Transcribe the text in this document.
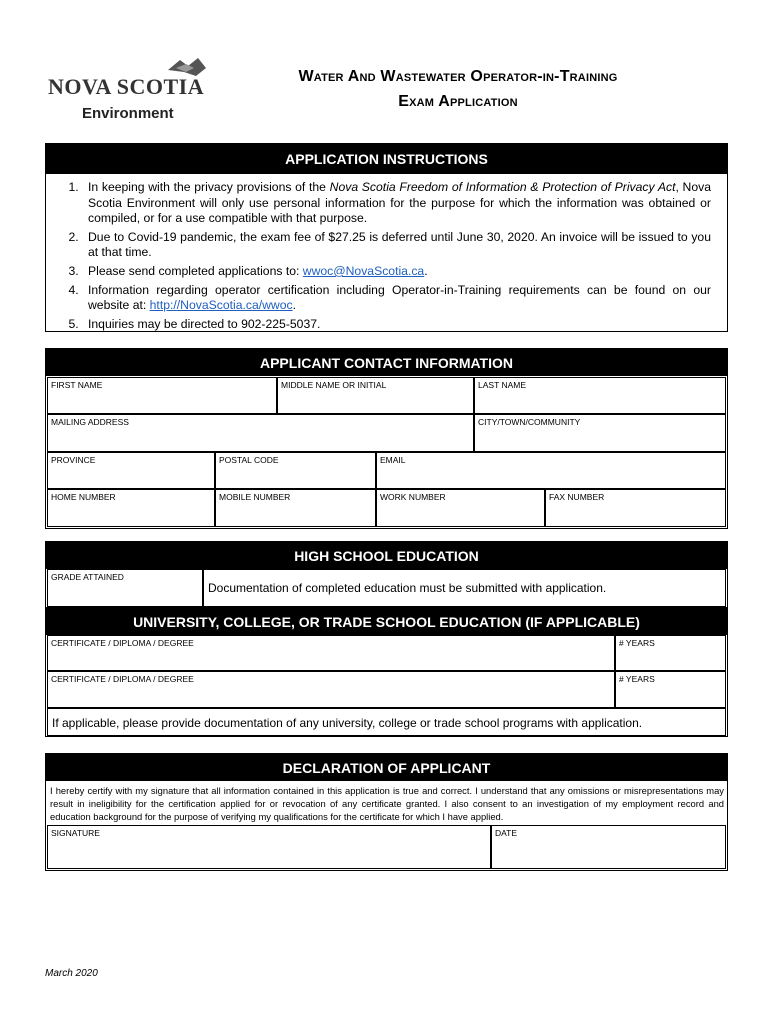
NOVA SCOTIA
Environment
Water And Wastewater Operator-in-Training
Exam Application
APPLICATION INSTRUCTIONS
1. In keeping with the privacy provisions of the Nova Scotia Freedom of Information & Protection of Privacy Act, Nova Scotia Environment will only use personal information for the purpose for which the information was obtained or compiled, or for a use compatible with that purpose.
2. Due to Covid-19 pandemic, the exam fee of $27.25 is deferred until June 30, 2020. An invoice will be issued to you at that time.
3. Please send completed applications to: wwoc@NovaScotia.ca.
4. Information regarding operator certification including Operator-in-Training requirements can be found on our website at: http://NovaScotia.ca/wwoc.
5. Inquiries may be directed to 902-225-5037.
APPLICANT CONTACT INFORMATION
FIRST NAME	MIDDLE NAME OR INITIAL	LAST NAME
MAILING ADDRESS	CITY/TOWN/COMMUNITY
PROVINCE	POSTAL CODE	EMAIL
HOME NUMBER	MOBILE NUMBER	WORK NUMBER	FAX NUMBER
HIGH SCHOOL EDUCATION
GRADE ATTAINED
Documentation of completed education must be submitted with application.
UNIVERSITY, COLLEGE, OR TRADE SCHOOL EDUCATION (IF APPLICABLE)
CERTIFICATE / DIPLOMA / DEGREE	# YEARS
CERTIFICATE / DIPLOMA / DEGREE	# YEARS
If applicable, please provide documentation of any university, college or trade school programs with application.
DECLARATION OF APPLICANT
I hereby certify with my signature that all information contained in this application is true and correct. I understand that any omissions or misrepresentations may result in ineligibility for the certification applied for or revocation of any certificate granted. I also consent to an investigation of my employment record and education background for the purpose of verifying my qualifications for the certificate for which I have applied.
SIGNATURE	DATE
March 2020
